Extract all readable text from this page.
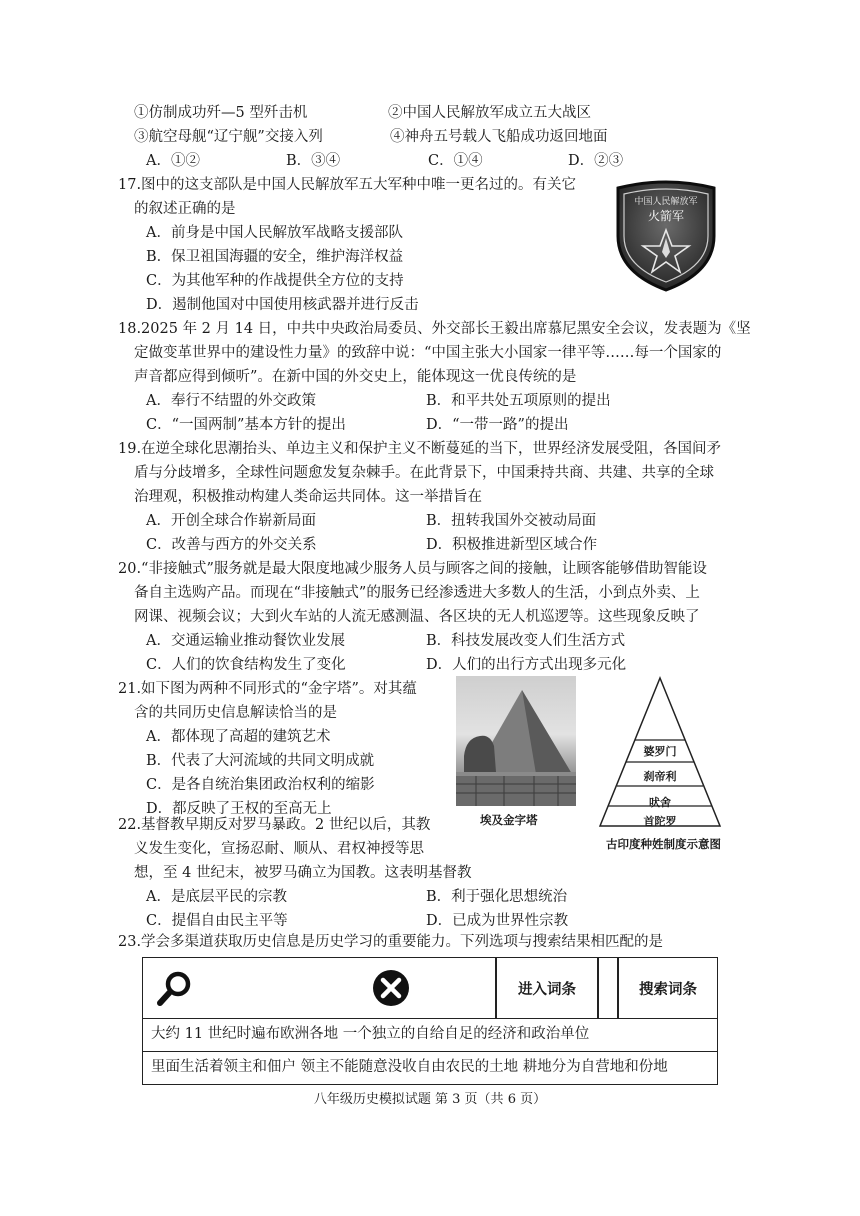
①仿制成功歼—5 型歼击机	②中国人民解放军成立五大战区
③航空母舰“辽宁舰”交接入列	④神舟五号载人飞船成功返回地面
A．①②	B．③④	C．①④	D．②③
17.图中的这支部队是中国人民解放军五大军种中唯一更名过的。有关它
的叙述正确的是
A．前身是中国人民解放军战略支援部队
B．保卫祖国海疆的安全，维护海洋权益
C．为其他军种的作战提供全方位的支持
D．遏制他国对中国使用核武器并进行反击
中国人民解放军
火箭军
18.2025 年 2 月 14 日，中共中央政治局委员、外交部长王毅出席慕尼黑安全会议，发表题为《坚
定做变革世界中的建设性力量》的致辞中说：“中国主张大小国家一律平等……每一个国家的
声音都应得到倾听”。在新中国的外交史上，能体现这一优良传统的是
A．奉行不结盟的外交政策	B．和平共处五项原则的提出
C．“一国两制”基本方针的提出	D．“一带一路”的提出
19.在逆全球化思潮抬头、单边主义和保护主义不断蔓延的当下，世界经济发展受阻，各国间矛
盾与分歧增多，全球性问题愈发复杂棘手。在此背景下，中国秉持共商、共建、共享的全球
治理观，积极推动构建人类命运共同体。这一举措旨在
A．开创全球合作崭新局面	B．扭转我国外交被动局面
C．改善与西方的外交关系	D．积极推进新型区域合作
20.“非接触式”服务就是最大限度地减少服务人员与顾客之间的接触，让顾客能够借助智能设
备自主选购产品。而现在“非接触式”的服务已经渗透进大多数人的生活，小到点外卖、上
网课、视频会议；大到火车站的人流无感测温、各区块的无人机巡逻等。这些现象反映了
A．交通运输业推动餐饮业发展	B．科技发展改变人们生活方式
C．人们的饮食结构发生了变化	D．人们的出行方式出现多元化
21.如下图为两种不同形式的“金字塔”。对其蕴
含的共同历史信息解读恰当的是
A．都体现了高超的建筑艺术
B．代表了大河流域的共同文明成就
C．是各自统治集团政治权利的缩影
D．都反映了王权的至高无上
埃及金字塔
婆罗门
刹帝利
吠舍
首陀罗
古印度种姓制度示意图
22.基督教早期反对罗马暴政。2 世纪以后，其教
义发生变化，宣扬忍耐、顺从、君权神授等思
想，至 4 世纪末，被罗马确立为国教。这表明基督教
A．是底层平民的宗教	B．利于强化思想统治
C．提倡自由民主平等	D．已成为世界性宗教
23.学会多渠道获取历史信息是历史学习的重要能力。下列选项与搜索结果相匹配的是
进入词条	搜索词条
大约 11 世纪时遍布欧洲各地 一个独立的自给自足的经济和政治单位
里面生活着领主和佃户 领主不能随意没收自由农民的土地 耕地分为自营地和份地
八年级历史模拟试题 第 3 页（共 6 页）
